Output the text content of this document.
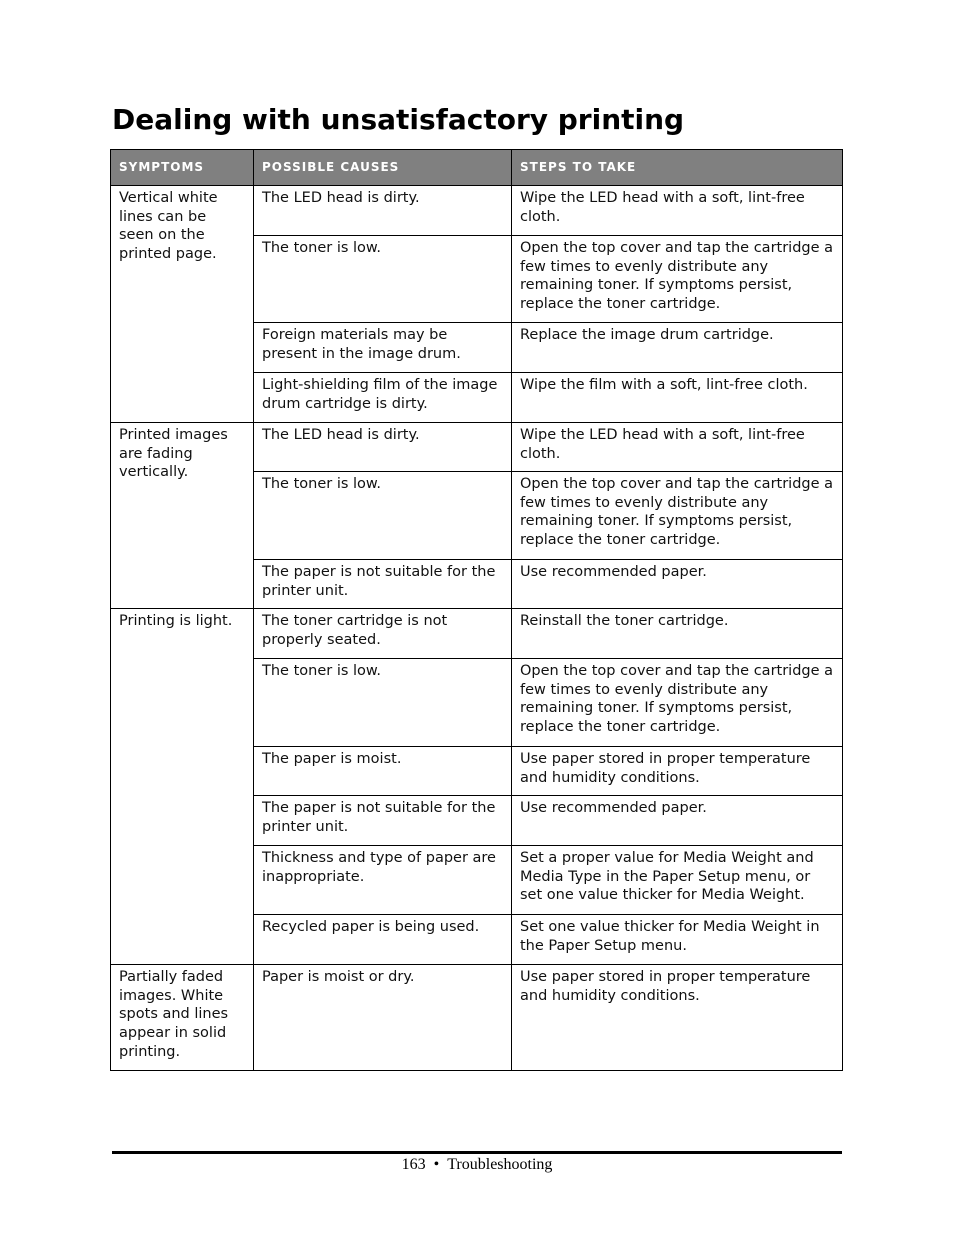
Dealing with unsatisfactory printing
SYMPTOMS	POSSIBLE CAUSES	STEPS TO TAKE
Vertical white lines can be seen on the printed page.	The LED head is dirty.	Wipe the LED head with a soft, lint-free cloth.
	The toner is low.	Open the top cover and tap the cartridge a few times to evenly distribute any remaining toner. If symptoms persist, replace the toner cartridge.
	Foreign materials may be present in the image drum.	Replace the image drum cartridge.
	Light-shielding film of the image drum cartridge is dirty.	Wipe the film with a soft, lint-free cloth.
Printed images are fading vertically.	The LED head is dirty.	Wipe the LED head with a soft, lint-free cloth.
	The toner is low.	Open the top cover and tap the cartridge a few times to evenly distribute any remaining toner. If symptoms persist, replace the toner cartridge.
	The paper is not suitable for the printer unit.	Use recommended paper.
Printing is light.	The toner cartridge is not properly seated.	Reinstall the toner cartridge.
	The toner is low.	Open the top cover and tap the cartridge a few times to evenly distribute any remaining toner. If symptoms persist, replace the toner cartridge.
	The paper is moist.	Use paper stored in proper temperature and humidity conditions.
	The paper is not suitable for the printer unit.	Use recommended paper.
	Thickness and type of paper are inappropriate.	Set a proper value for Media Weight and Media Type in the Paper Setup menu, or set one value thicker for Media Weight.
	Recycled paper is being used.	Set one value thicker for Media Weight in the Paper Setup menu.
Partially faded images. White spots and lines appear in solid printing.	Paper is moist or dry.	Use paper stored in proper temperature and humidity conditions.
163 • Troubleshooting
